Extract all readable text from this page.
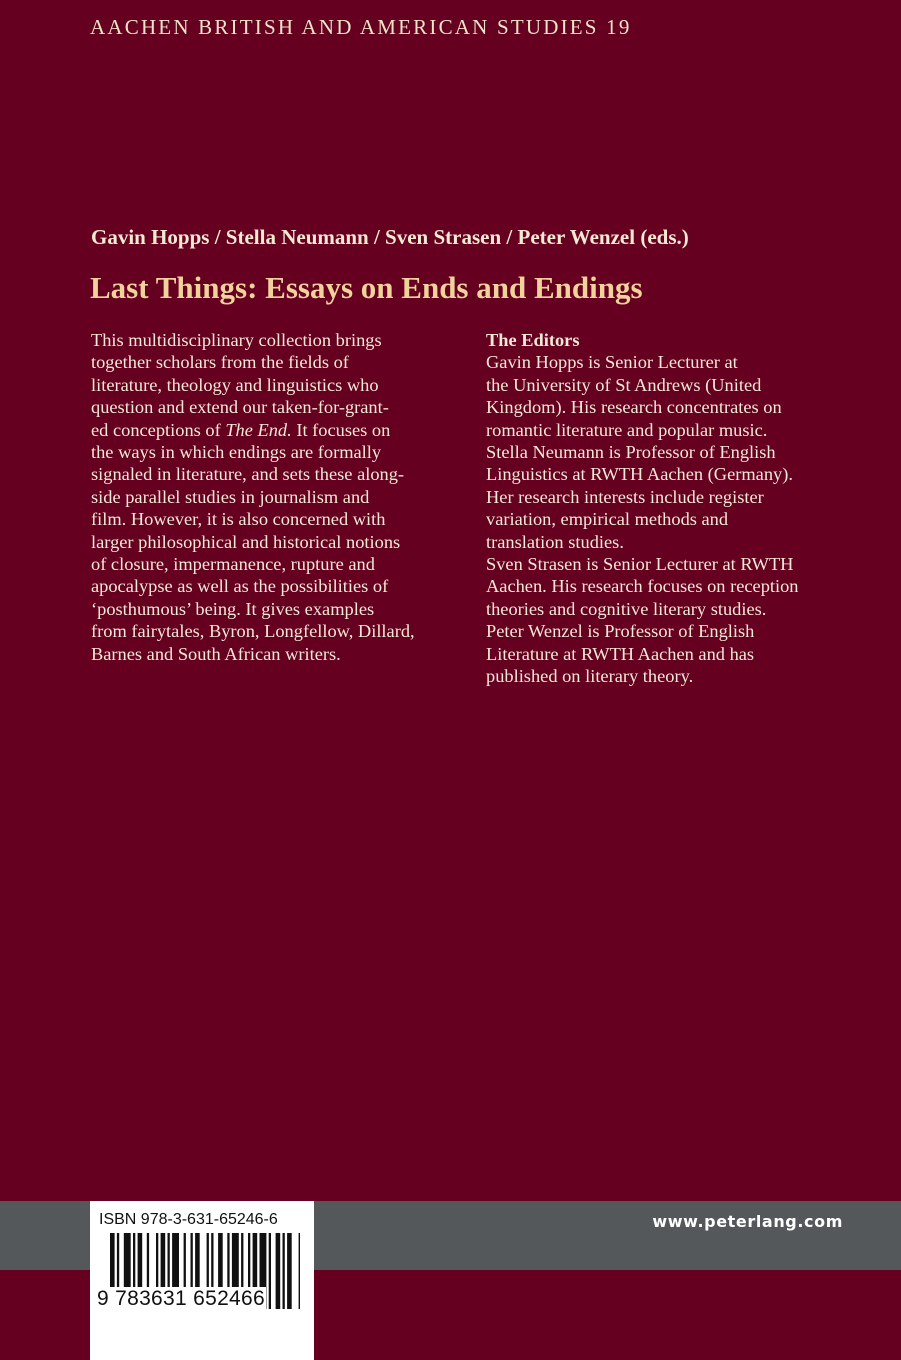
AACHEN BRITISH AND AMERICAN STUDIES 19
Gavin Hopps / Stella Neumann / Sven Strasen / Peter Wenzel (eds.)
Last Things: Essays on Ends and Endings
This multidisciplinary collection brings
together scholars from the fields of
literature, theology and linguistics who
question and extend our taken-for-grant-
ed conceptions of The End. It focuses on
the ways in which endings are formally
signaled in literature, and sets these along-
side parallel studies in journalism and
film. However, it is also concerned with
larger philosophical and historical notions
of closure, impermanence, rupture and
apocalypse as well as the possibilities of
‘posthumous’ being. It gives examples
from fairytales, Byron, Longfellow, Dillard,
Barnes and South African writers.
The Editors
Gavin Hopps is Senior Lecturer at
the University of St Andrews (United
Kingdom). His research concentrates on
romantic literature and popular music.
Stella Neumann is Professor of English
Linguistics at RWTH Aachen (Germany).
Her research interests include register
variation, empirical methods and
translation studies.
Sven Strasen is Senior Lecturer at RWTH
Aachen. His research focuses on reception
theories and cognitive literary studies.
Peter Wenzel is Professor of English
Literature at RWTH Aachen and has
published on literary theory.
www.peterlang.com
ISBN 978-3-631-65246-6
9 783631 652466
